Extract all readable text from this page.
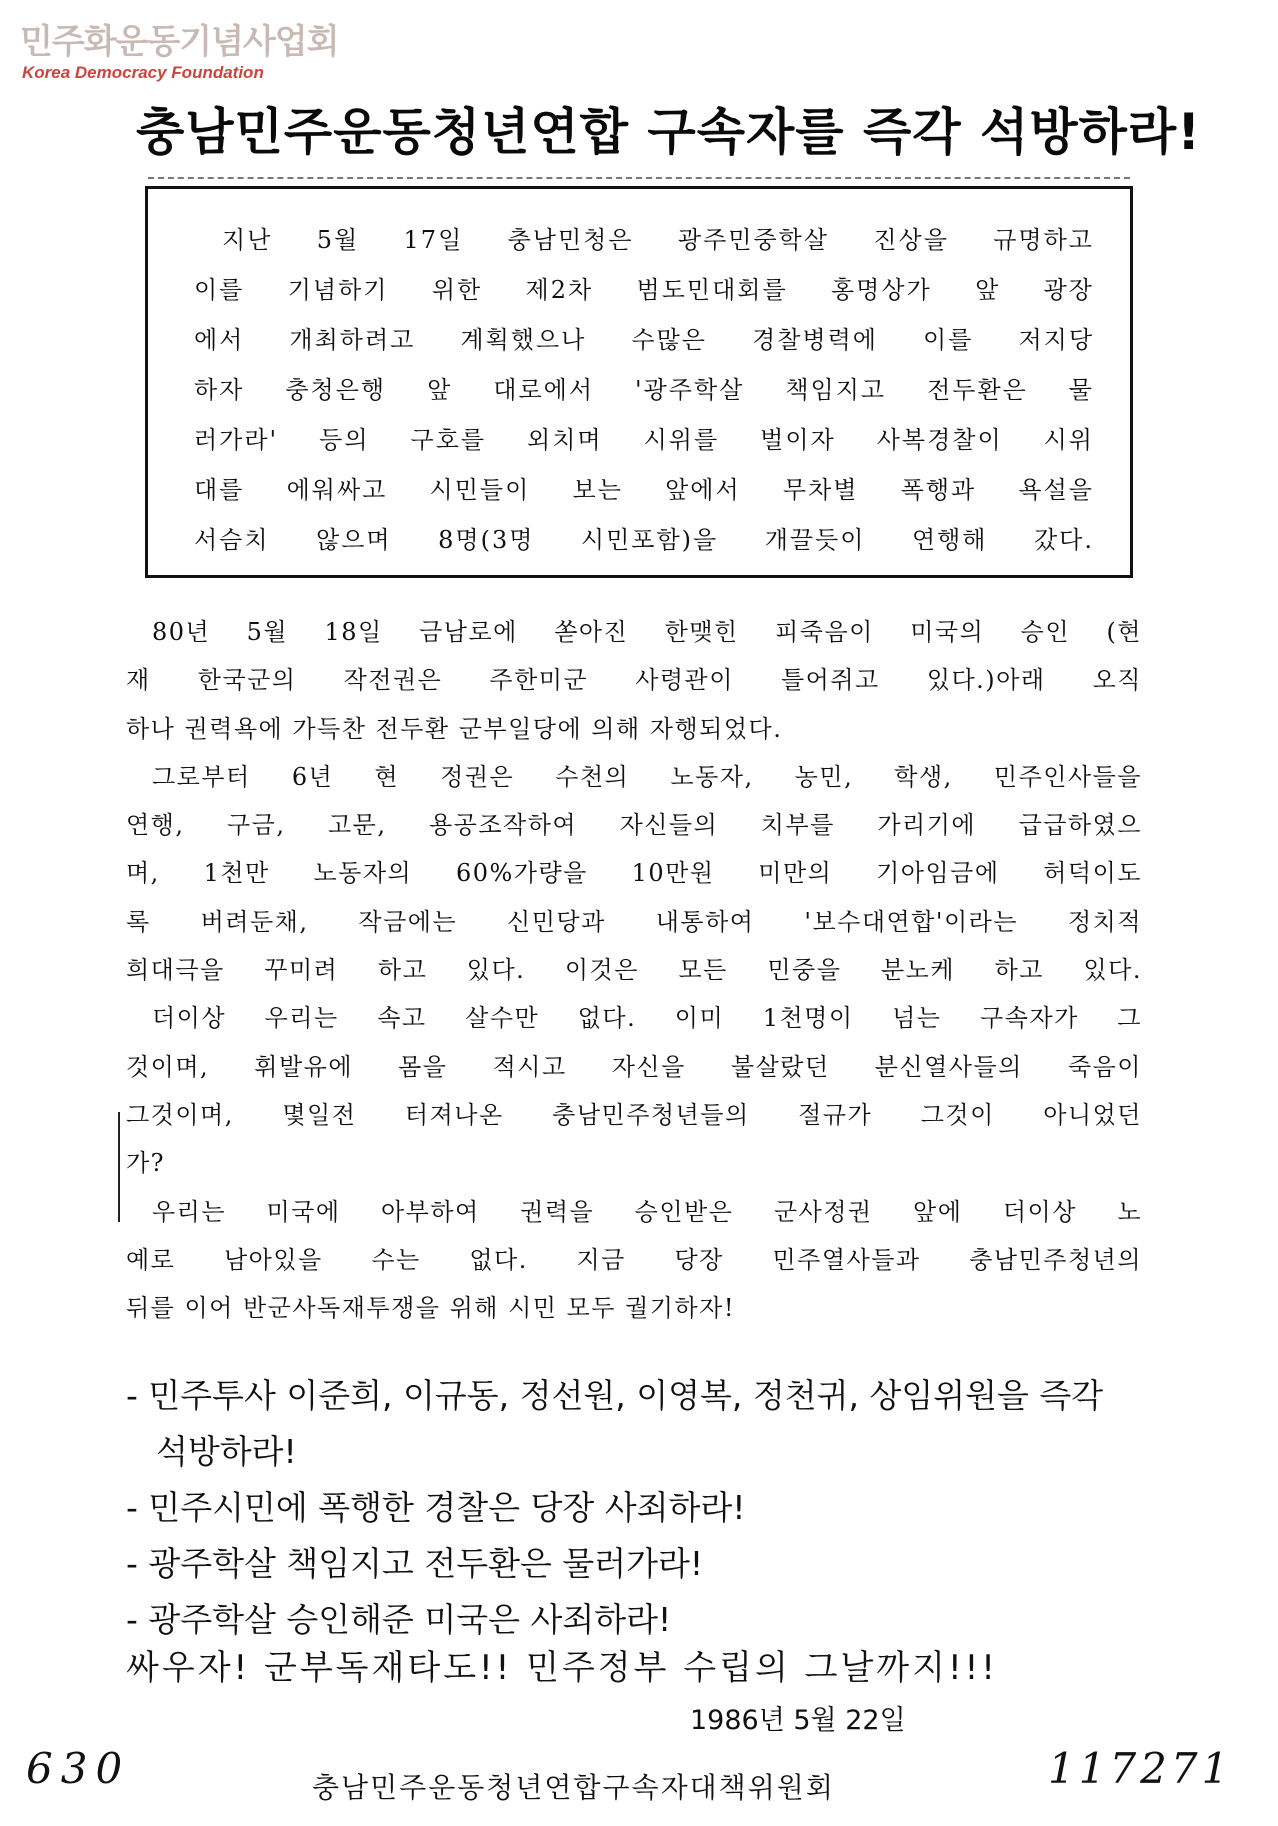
민주화운동기념사업회
Korea Democracy Foundation
충남민주운동청년연합 구속자를 즉각 석방하라!
지난 5월 17일 충남민청은 광주민중학살 진상을 규명하고
이를 기념하기 위한 제2차 범도민대회를 홍명상가 앞 광장
에서 개최하려고 계획했으나 수많은 경찰병력에 이를 저지당
하자 충청은행 앞 대로에서 '광주학살 책임지고 전두환은 물
러가라' 등의 구호를 외치며 시위를 벌이자 사복경찰이 시위
대를 에워싸고 시민들이 보는 앞에서 무차별 폭행과 욕설을
서슴치 않으며 8명(3명 시민포함)을 개끌듯이 연행해 갔다.
80년 5월 18일 금남로에 쏟아진 한맺힌 피죽음이 미국의 승인 (현
재 한국군의 작전권은 주한미군 사령관이 틀어쥐고 있다.)아래 오직
하나 권력욕에 가득찬 전두환 군부일당에 의해 자행되었다.
그로부터 6년 현 정권은 수천의 노동자, 농민, 학생, 민주인사들을
연행, 구금, 고문, 용공조작하여 자신들의 치부를 가리기에 급급하였으
며, 1천만 노동자의 60%가량을 10만원 미만의 기아임금에 허덕이도
록 버려둔채, 작금에는 신민당과 내통하여 '보수대연합'이라는 정치적
희대극을 꾸미려 하고 있다. 이것은 모든 민중을 분노케 하고 있다.
더이상 우리는 속고 살수만 없다. 이미 1천명이 넘는 구속자가 그
것이며, 휘발유에 몸을 적시고 자신을 불살랐던 분신열사들의 죽음이
그것이며, 몇일전 터져나온 충남민주청년들의 절규가 그것이 아니었던
가?
우리는 미국에 아부하여 권력을 승인받은 군사정권 앞에 더이상 노
예로 남아있을 수는 없다. 지금 당장 민주열사들과 충남민주청년의
뒤를 이어 반군사독재투쟁을 위해 시민 모두 궐기하자!
- 민주투사 이준희, 이규동, 정선원, 이영복, 정천귀, 상임위원을 즉각
석방하라!
- 민주시민에 폭행한 경찰은 당장 사죄하라!
- 광주학살 책임지고 전두환은 물러가라!
- 광주학살 승인해준 미국은 사죄하라!
싸우자! 군부독재타도!! 민주정부 수립의 그날까지!!!
1986년 5월 22일
630	충남민주운동청년연합구속자대책위원회	117271
